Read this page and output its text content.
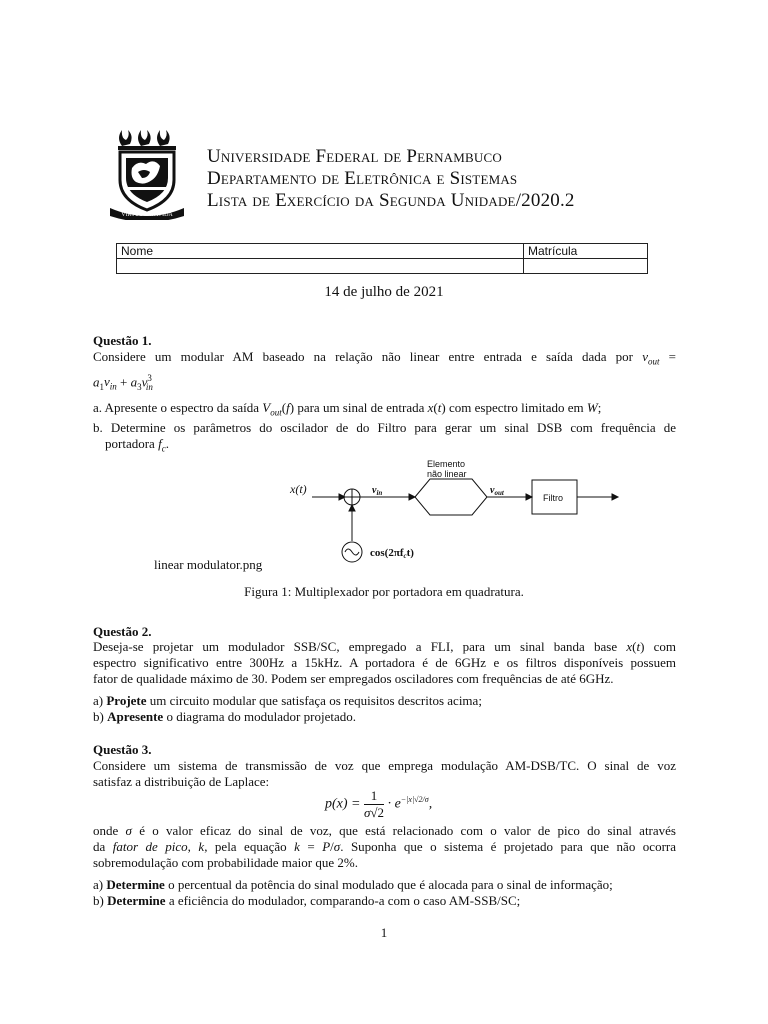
VIRTUS IMPAVIDA
Universidade Federal de Pernambuco
Departamento de Eletrônica e Sistemas
Lista de Exercício da Segunda Unidade/2020.2
Nome	Matrícula

14 de julho de 2021
Questão 1.
Considere um modular AM baseado na relação não linear entre entrada e saída dada por $v_{out}$ =
$a_1v_{in} + a_3v^3_{in}$
a. Apresente o espectro da saída $V_{out}(f)$ para um sinal de entrada x(t) com espectro limitado em W;
b. Determine os parâmetros do oscilador de do Filtro para gerar um sinal DSB com frequência de
portadora $f_c$.
x(t)	$v_{in}$	$v_{out}$
cos(2πfct)
Elemento
não linear
Filtro
linear modulator.png
Figura 1: Multiplexador por portadora em quadratura.
Questão 2.
Deseja-se projetar um modulador SSB/SC, empregado a FLI, para um sinal banda base x(t) com
espectro significativo entre 300Hz a 15kHz. A portadora é de 6GHz e os filtros disponíveis possuem
fator de qualidade máximo de 30. Podem ser empregados osciladores com frequências de até 6GHz.
a) Projete um circuito modular que satisfaça os requisitos descritos acima;
b) Apresente o diagrama do modulador projetado.
Questão 3.
Considere um sistema de transmissão de voz que emprega modulação AM-DSB/TC. O sinal de voz
satisfaz a distribuição de Laplace:
$p(x) = \frac{1}{\sigma√2} \cdot e^{-|x|√2/\sigma}$,
onde σ é o valor eficaz do sinal de voz, que está relacionado com o valor de pico do sinal através
da fator de pico, k, pela equação k = P/σ. Suponha que o sistema é projetado para que não ocorra
sobremodulação com probabilidade maior que 2%.
a) Determine o percentual da potência do sinal modulado que é alocada para o sinal de informação;
b) Determine a eficiência do modulador, comparando-a com o caso AM-SSB/SC;
1
